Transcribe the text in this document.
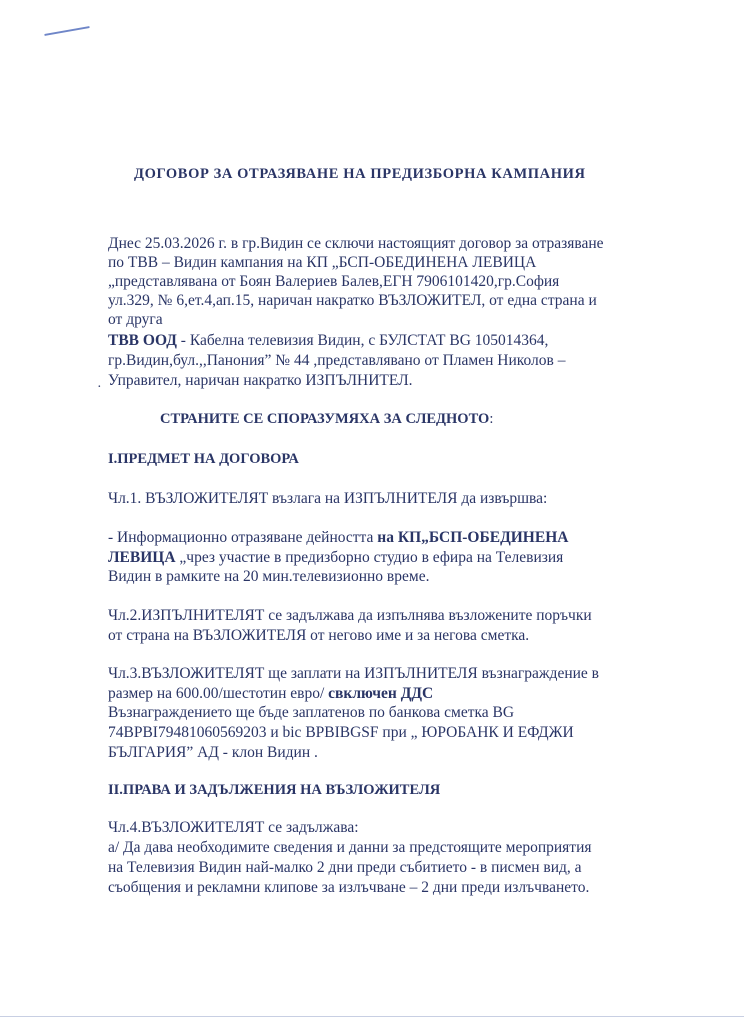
ДОГОВОР ЗА ОТРАЗЯВАНЕ НА ПРЕДИЗБОРНА КАМПАНИЯ
Днес 25.03.2026 г. в гр.Видин се сключи настоящият договор за отразяване
по ТВВ – Видин кампания на КП „БСП-ОБЕДИНЕНА ЛЕВИЦА
„представлявана от Боян Валериев Балев,ЕГН 7906101420,гр.София
ул.329, № 6,ет.4,ап.15, наричан накратко ВЪЗЛОЖИТЕЛ, от една страна и
от друга
ТВВ ООД - Кабелна телевизия Видин, с БУЛСТАТ BG 105014364,
гр.Видин,бул.,,Панония” № 44 ,представлявано от Пламен Николов –
· Управител, наричан накратко ИЗПЪЛНИТЕЛ.
СТРАНИТЕ СЕ СПОРАЗУМЯХА ЗА СЛЕДНОТО:
I.ПРЕДМЕТ НА ДОГОВОРА
Чл.1. ВЪЗЛОЖИТЕЛЯТ възлага на ИЗПЪЛНИТЕЛЯ да извършва:
- Информационно отразяване дейността на КП„БСП-ОБЕДИНЕНА
ЛЕВИЦА „чрез участие в предизборно студио в ефира на Телевизия
Видин в рамките на 20 мин.телевизионно време.
Чл.2.ИЗПЪЛНИТЕЛЯТ се задължава да изпълнява възложените поръчки
от страна на ВЪЗЛОЖИТЕЛЯ от негово име и за негова сметка.
Чл.3.ВЪЗЛОЖИТЕЛЯТ ще заплати на ИЗПЪЛНИТЕЛЯ възнаграждение в
размер на 600.00/шестотин евро/ свключен ДДС
Възнаграждението ще бъде заплатенов по банкова сметка BG
74BPBI79481060569203 и bic BPBIBGSF при „ ЮРОБАНК И ЕФДЖИ
БЪЛГАРИЯ” АД - клон Видин .
II.ПРАВА И ЗАДЪЛЖЕНИЯ НА ВЪЗЛОЖИТЕЛЯ
Чл.4.ВЪЗЛОЖИТЕЛЯТ се задължава:
а/ Да дава необходимите сведения и данни за предстоящите мероприятия
на Телевизия Видин най-малко 2 дни преди събитието - в писмен вид, а
съобщения и рекламни клипове за излъчване – 2 дни преди излъчването.
